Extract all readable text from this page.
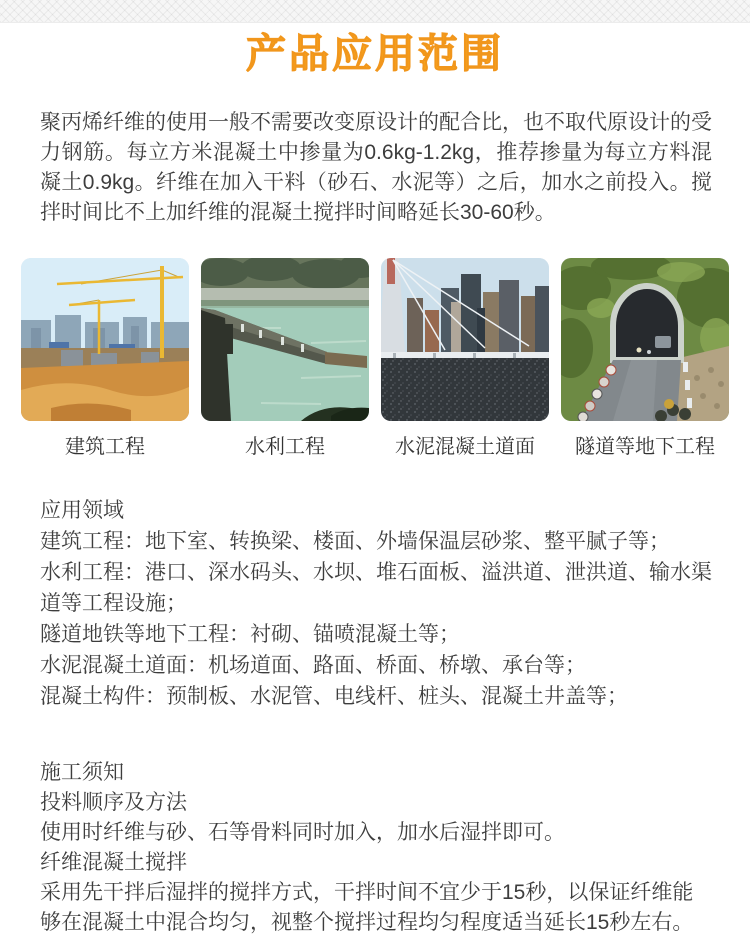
产品应用范围

聚丙烯纤维的使用一般不需要改变原设计的配合比，也不取代原设计的受力钢筋。每立方米混凝土中掺量为0.6kg-1.2kg，推荐掺量为每立方料混凝土0.9kg。纤维在加入干料（砂石、水泥等）之后，加水之前投入。搅拌时间比不上加纤维的混凝土搅拌时间略延长30-60秒。

建筑工程	水利工程	水泥混凝土道面	隧道等地下工程
应用领域
建筑工程：地下室、转换梁、楼面、外墙保温层砂浆、整平腻子等；
水利工程：港口、深水码头、水坝、堆石面板、溢洪道、泄洪道、输水渠道等工程设施；
隧道地铁等地下工程：衬砌、锚喷混凝土等；
水泥混凝土道面：机场道面、路面、桥面、桥墩、承台等；
混凝土构件：预制板、水泥管、电线杆、桩头、混凝土井盖等；
施工须知
投料顺序及方法
使用时纤维与砂、石等骨料同时加入，加水后湿拌即可。
纤维混凝土搅拌
采用先干拌后湿拌的搅拌方式，干拌时间不宜少于15秒，以保证纤维能够在混凝土中混合均匀，视整个搅拌过程均匀程度适当延长15秒左右。
